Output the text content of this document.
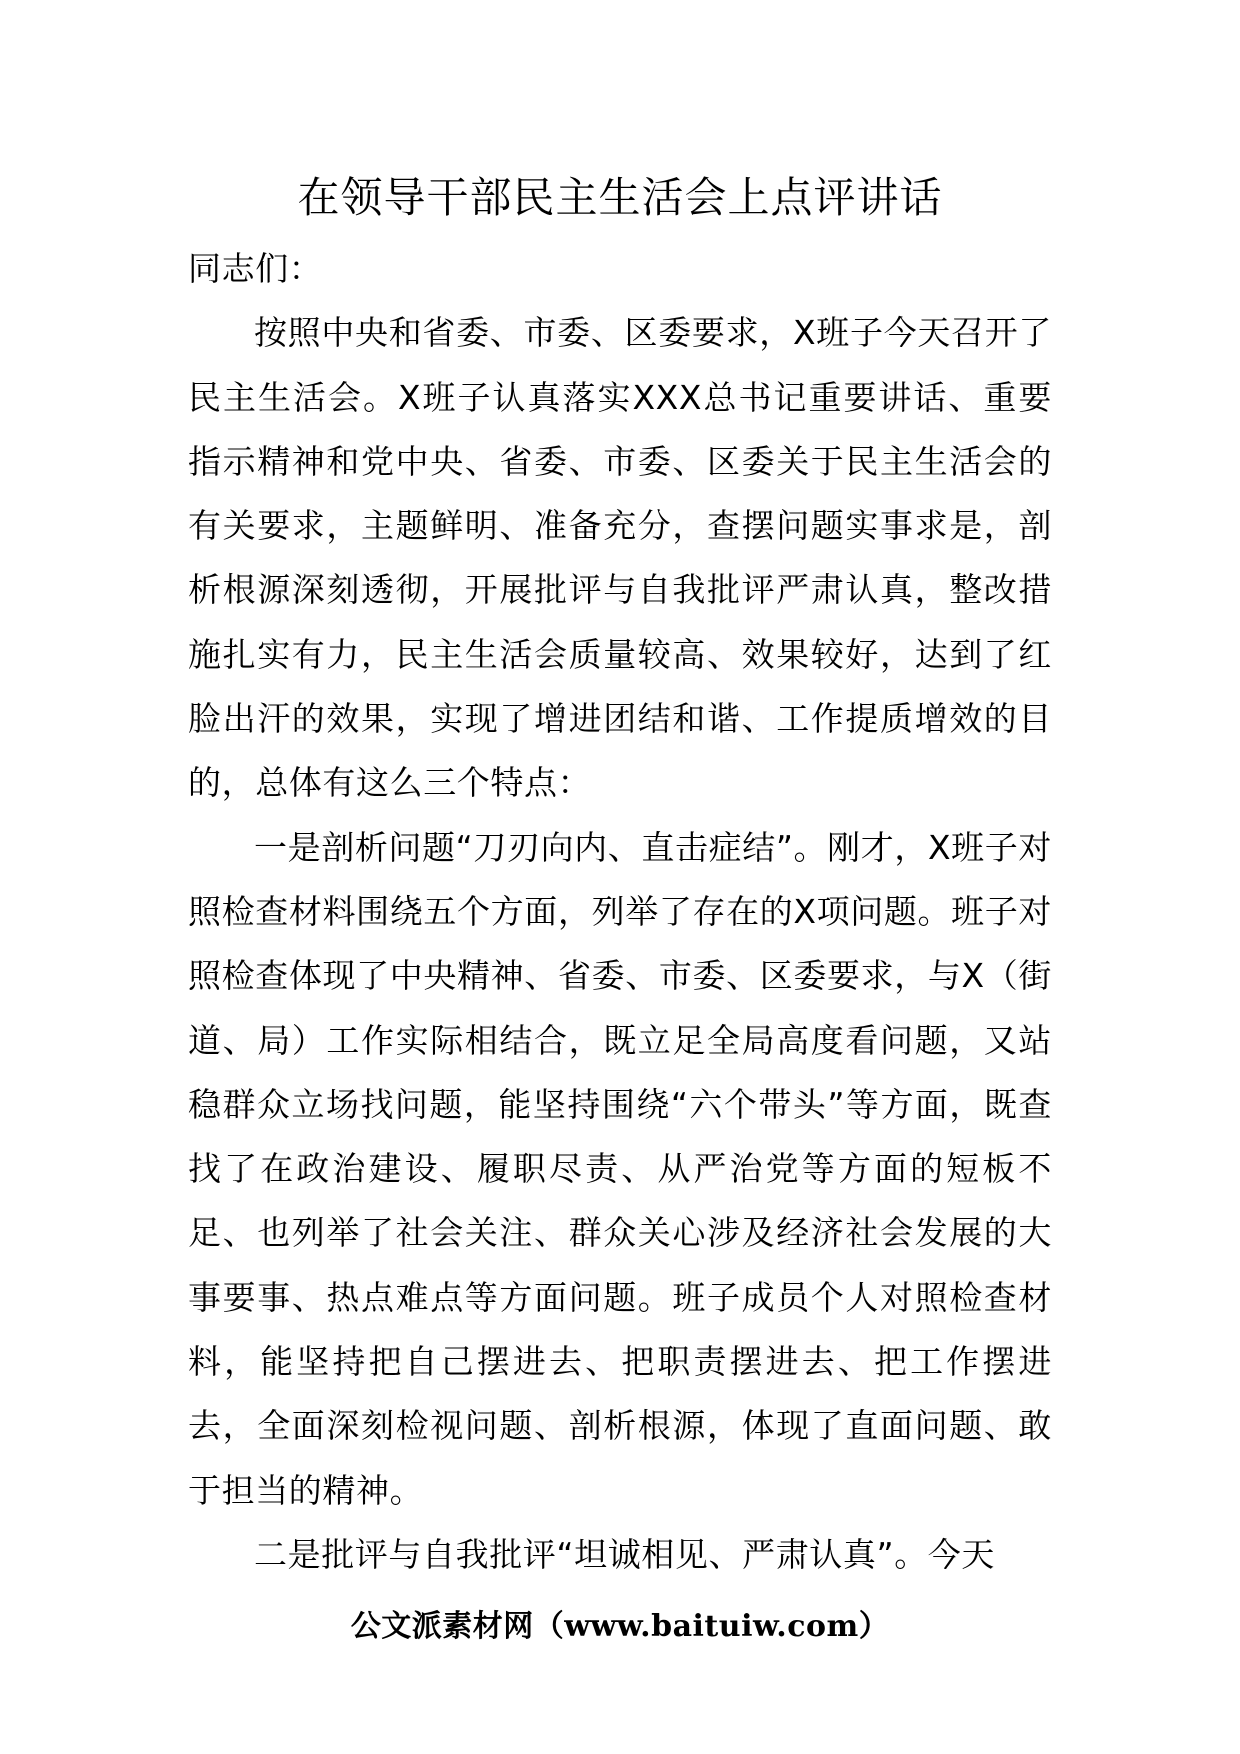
在领导干部民主生活会上点评讲话

同志们：

按照中央和省委、市委、区委要求，X班子今天召开了民主生活会。X班子认真落实XXX总书记重要讲话、重要指示精神和党中央、省委、市委、区委关于民主生活会的有关要求，主题鲜明、准备充分，查摆问题实事求是，剖析根源深刻透彻，开展批评与自我批评严肃认真，整改措施扎实有力，民主生活会质量较高、效果较好，达到了红脸出汗的效果，实现了增进团结和谐、工作提质增效的目的，总体有这么三个特点：

一是剖析问题“刀刃向内、直击症结”。刚才，X班子对照检查材料围绕五个方面，列举了存在的X项问题。班子对照检查体现了中央精神、省委、市委、区委要求，与X（街道、局）工作实际相结合，既立足全局高度看问题，又站稳群众立场找问题，能坚持围绕“六个带头”等方面，既查找了在政治建设、履职尽责、从严治党等方面的短板不足、也列举了社会关注、群众关心涉及经济社会发展的大事要事、热点难点等方面问题。班子成员个人对照检查材料，能坚持把自己摆进去、把职责摆进去、把工作摆进去，全面深刻检视问题、剖析根源，体现了直面问题、敢于担当的精神。

二是批评与自我批评“坦诚相见、严肃认真”。今天

公文派素材网（www.baituiw.com）
